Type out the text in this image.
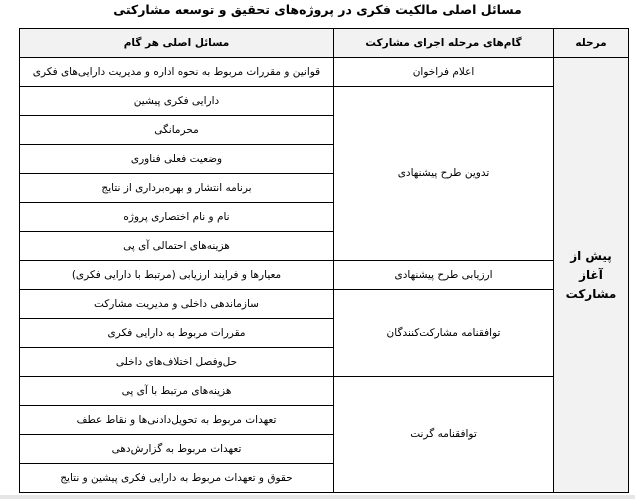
مسائل اصلی مالکیت فکری در پروژه‌های تحقیق و توسعه مشارکتی
مرحله	گام‌های مرحله اجرای مشارکت	مسائل اصلی هر گام
پیش از آغاز مشارکت	اعلام فراخوان	قوانین و مقررات مربوط به نحوه اداره و مدیریت دارایی‌های فکری
	تدوین طرح پیشنهادی	دارایی فکری پیشین
		محرمانگی
		وضعیت فعلی فناوری
		برنامه انتشار و بهره‌برداری از نتایج
		نام و نام اختصاری پروژه
		هزینه‌های احتمالی آی پی
	ارزیابی طرح پیشنهادی	معیارها و فرایند ارزیابی (مرتبط با دارایی فکری)
	توافقنامه مشارکت‌کنندگان	سازماندهی داخلی و مدیریت مشارکت
		مقررات مربوط به دارایی فکری
		حل‌وفصل اختلاف‌های داخلی
	توافقنامه گرنت	هزینه‌های مرتبط با آی پی
		تعهدات مربوط به تحویل‌دادنی‌ها و نقاط عطف
		تعهدات مربوط به گزارش‌دهی
		حقوق و تعهدات مربوط به دارایی فکری پیشین و نتایج
